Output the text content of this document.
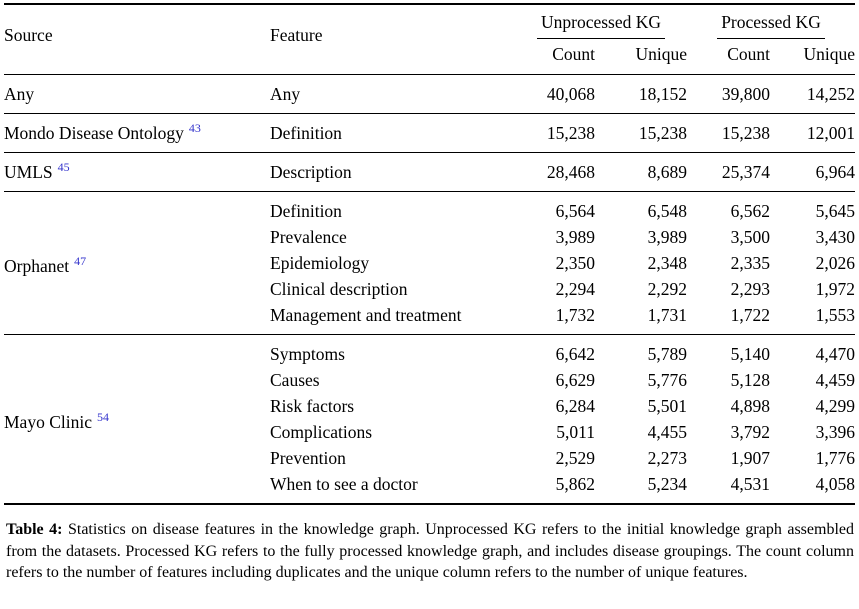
Source	Feature	Unprocessed KG		Processed KG	
		Count	Unique	Count	Unique
Any	Any	40,068	18,152	39,800	14,252
Mondo Disease Ontology $^{43}$	Definition	15,238	15,238	15,238	12,001
UMLS $^{45}$	Description	28,468	8,689	25,374	6,964
Orphanet $^{47}$	Definition	6,564	6,548	6,562	5,645
	Prevalence	3,989	3,989	3,500	3,430
	Epidemiology	2,350	2,348	2,335	2,026
	Clinical description	2,294	2,292	2,293	1,972
	Management and treatment	1,732	1,731	1,722	1,553
Mayo Clinic $^{54}$	Symptoms	6,642	5,789	5,140	4,470
	Causes	6,629	5,776	5,128	4,459
	Risk factors	6,284	5,501	4,898	4,299
	Complications	5,011	4,455	3,792	3,396
	Prevention	2,529	2,273	1,907	1,776
	When to see a doctor	5,862	5,234	4,531	4,058

Table 4: Statistics on disease features in the knowledge graph. Unprocessed KG refers to the initial knowledge graph assembled from the datasets. Processed KG refers to the fully processed knowledge graph, and includes disease groupings. The count column refers to the number of features including duplicates and the unique column refers to the number of unique features.
